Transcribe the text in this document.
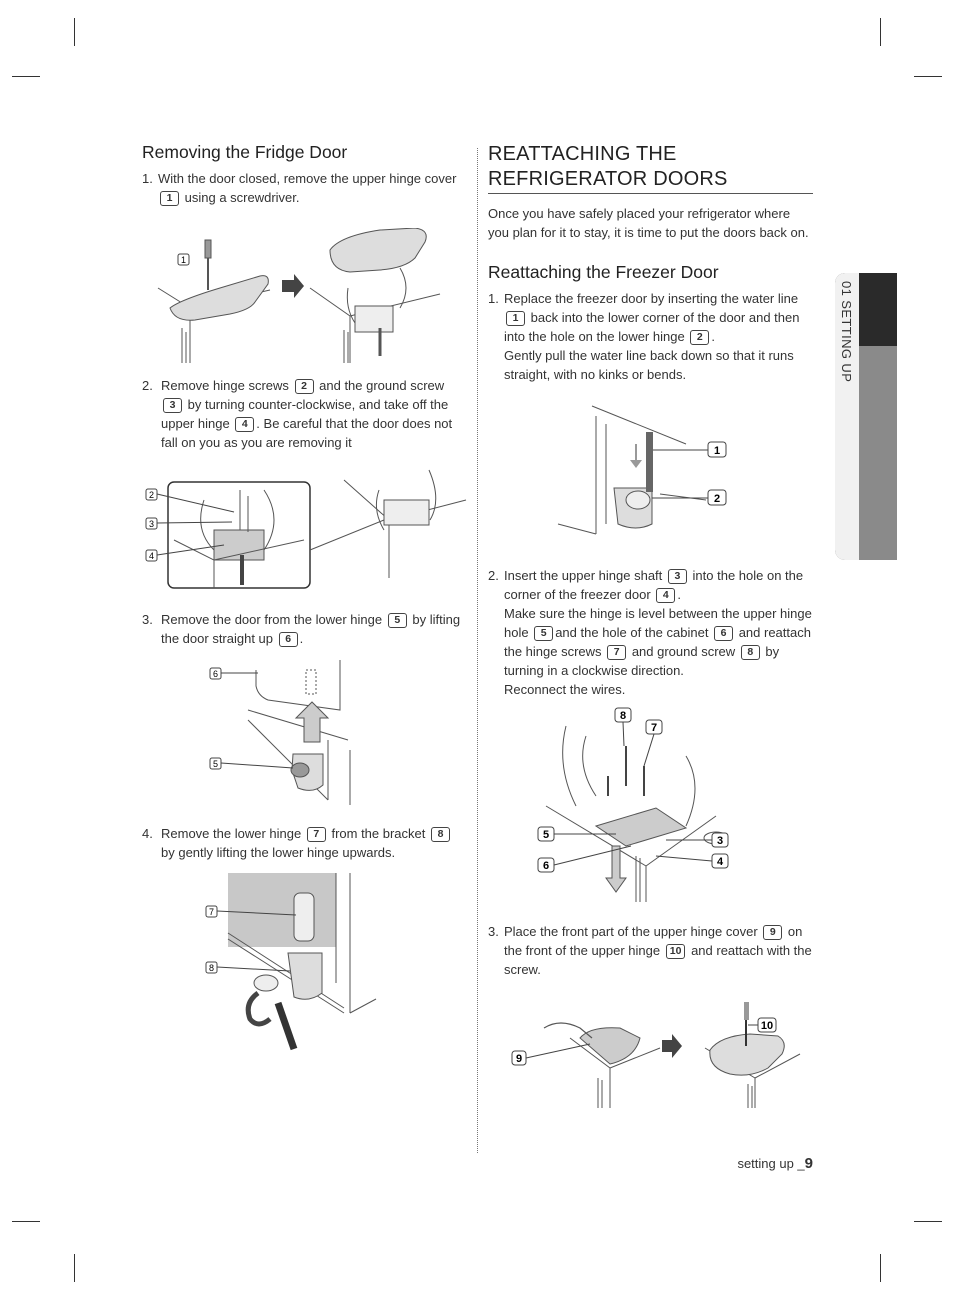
Removing the Fridge Door

1. With the door closed, remove the upper hinge cover 1 using a screwdriver.

2. Remove hinge screws 2 and the ground screw 3 by turning counter-clockwise, and take off the upper hinge 4 . Be careful that the door does not fall on you as you are removing it

3. Remove the door from the lower hinge 5 by lifting the door straight up 6 .

4. Remove the lower hinge 7 from the bracket 8 by gently lifting the lower hinge upwards.

1
2
3
4
6
5
7
8
REATTACHING THE
REFRIGERATOR DOORS

Once you have safely placed your refrigerator where you plan for it to stay, it is time to put the doors back on.

Reattaching the Freezer Door

1. Replace the freezer door by inserting the water line 1 back into the lower corner of the door and then into the hole on the lower hinge 2 .
Gently pull the water line back down so that it runs straight, with no kinks or bends.

2. Insert the upper hinge shaft 3 into the hole on the corner of the freezer door 4 .
Make sure the hinge is level between the upper hinge hole 5 and the hole of the cabinet 6 and reattach the hinge screws 7 and ground screw 8 by turning in a clockwise direction.
Reconnect the wires.

3. Place the front part of the upper hinge cover 9 on the front of the upper hinge 10 and reattach with the screw.

1
2
8
7
5	3
6	4
9
10
01 SETTING UP
setting up _9
